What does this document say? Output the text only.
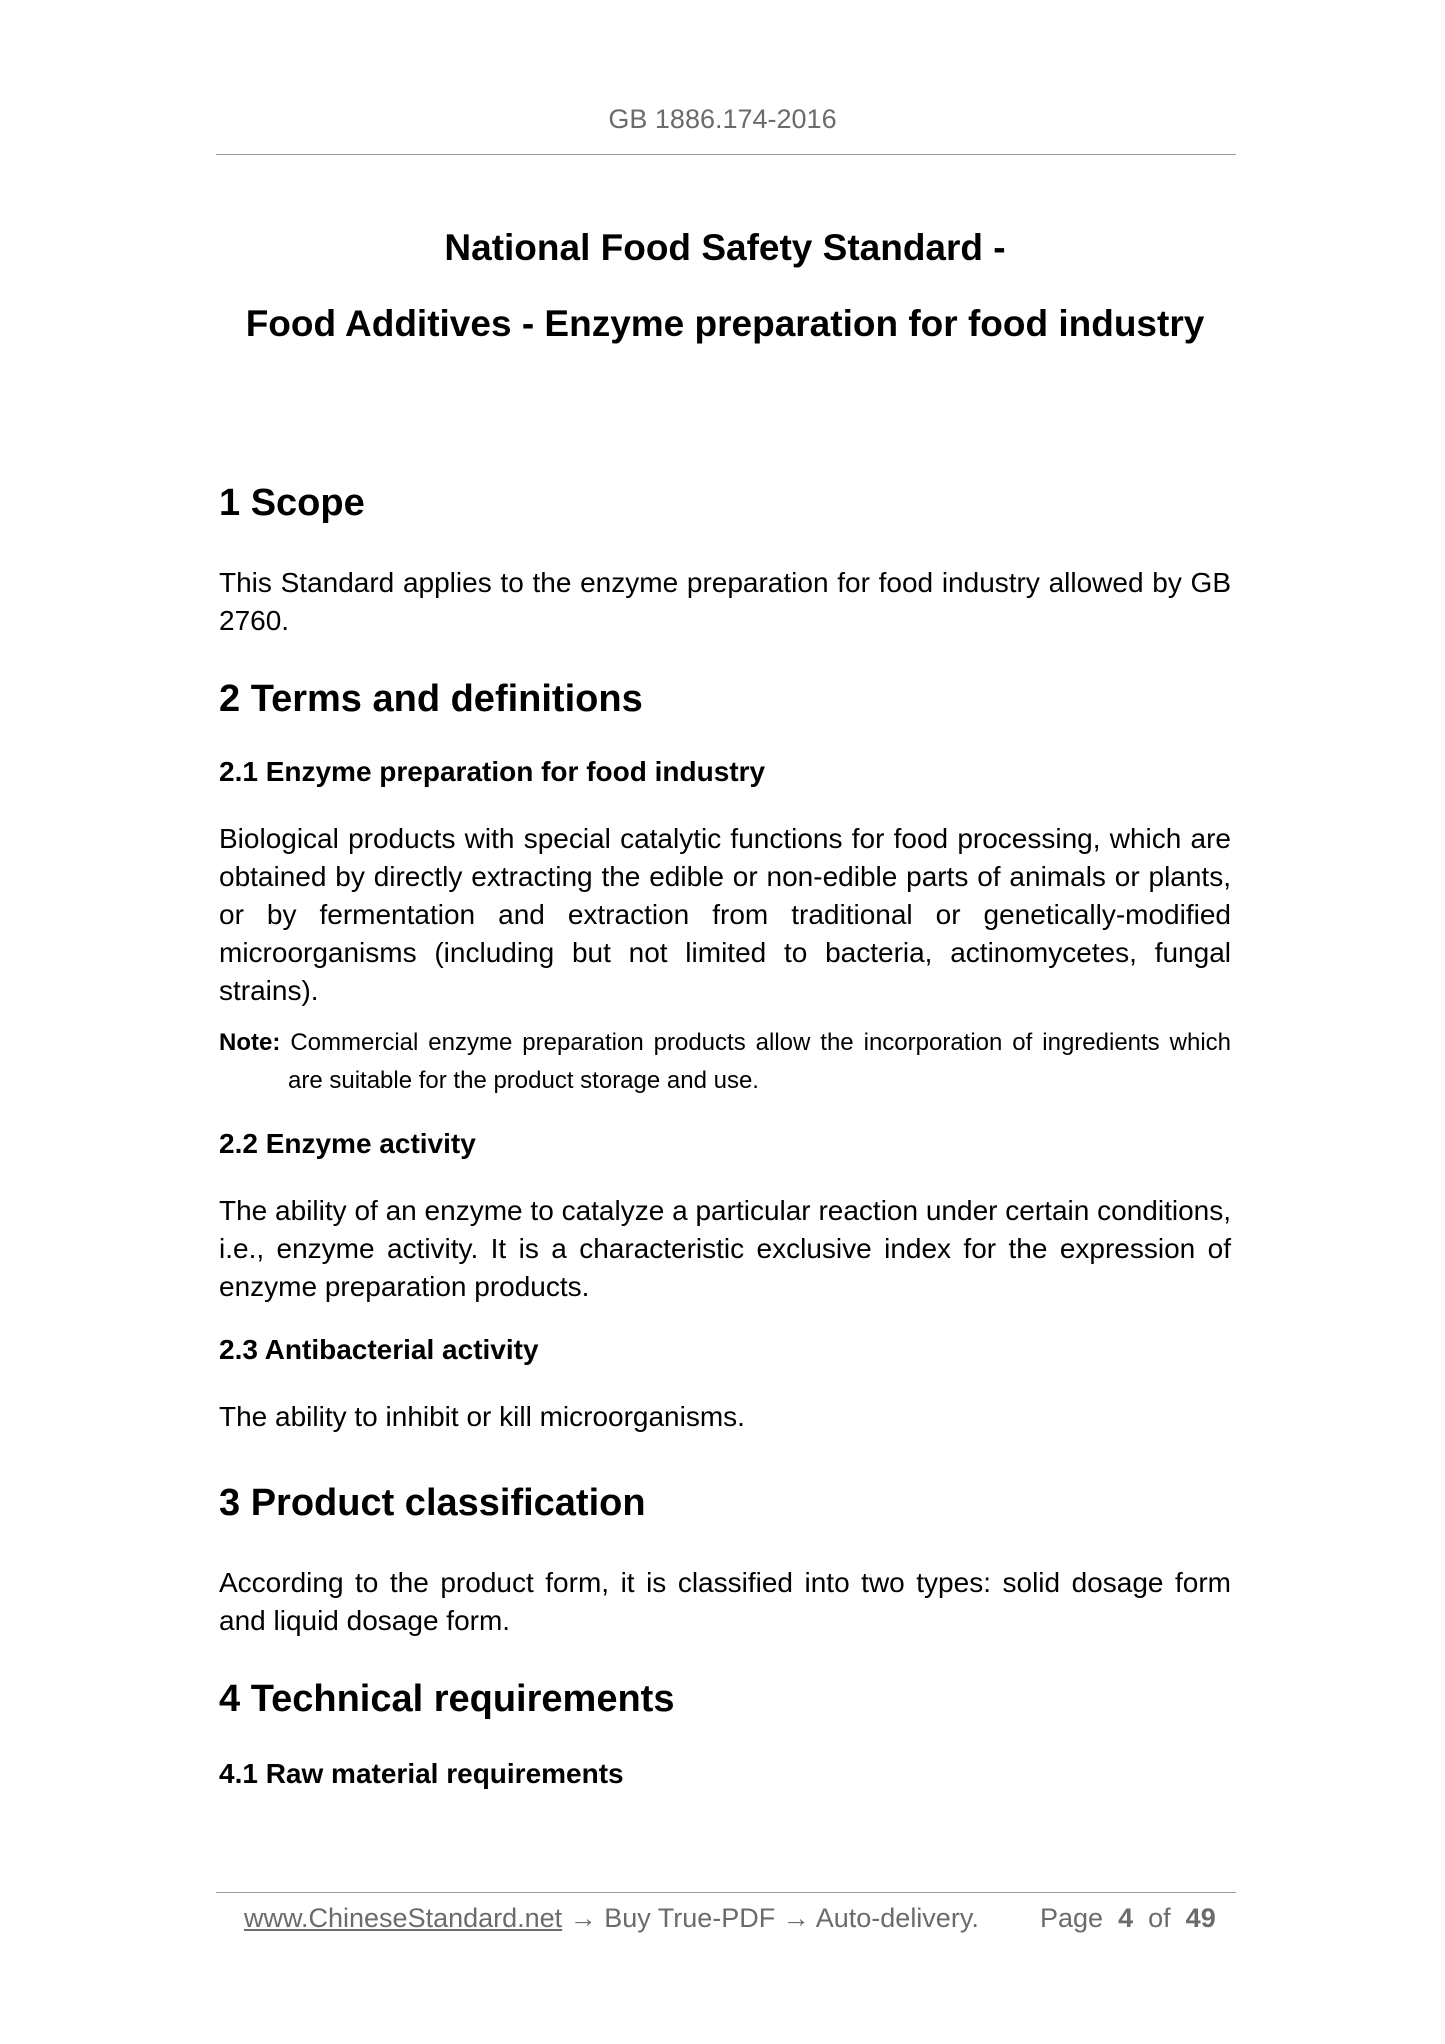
GB 1886.174-2016
National Food Safety Standard -
Food Additives - Enzyme preparation for food industry
1 Scope

This Standard applies to the enzyme preparation for food industry allowed by GB 2760.

2 Terms and definitions
2.1 Enzyme preparation for food industry

Biological products with special catalytic functions for food processing, which are obtained by directly extracting the edible or non-edible parts of animals or plants, or by fermentation and extraction from traditional or genetically-modified microorganisms (including but not limited to bacteria, actinomycetes, fungal strains).

Note: Commercial enzyme preparation products allow the incorporation of ingredients which are suitable for the product storage and use.

2.2 Enzyme activity

The ability of an enzyme to catalyze a particular reaction under certain conditions, i.e., enzyme activity. It is a characteristic exclusive index for the expression of enzyme preparation products.

2.3 Antibacterial activity

The ability to inhibit or kill microorganisms.

3 Product classification

According to the product form, it is classified into two types: solid dosage form and liquid dosage form.

4 Technical requirements
4.1 Raw material requirements
www.ChineseStandard.net → Buy True-PDF → Auto-delivery. Page 4 of 49
